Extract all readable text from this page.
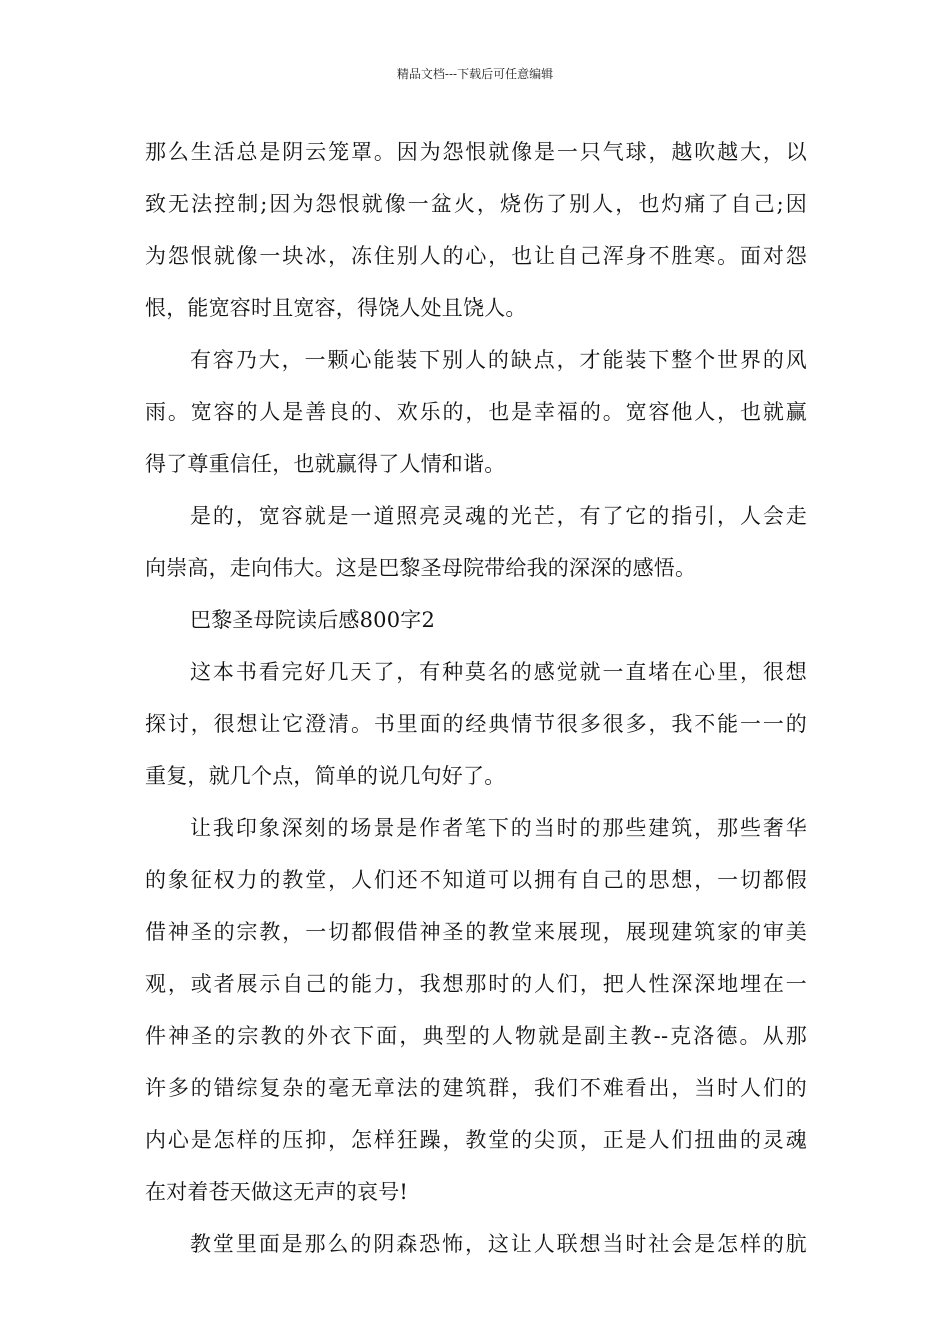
精品文档---下载后可任意编辑
那么生活总是阴云笼罩。因为怨恨就像是一只气球，越吹越大，以
致无法控制;因为怨恨就像一盆火，烧伤了别人，也灼痛了自己;因
为怨恨就像一块冰，冻住别人的心，也让自己浑身不胜寒。面对怨
恨，能宽容时且宽容，得饶人处且饶人。
有容乃大，一颗心能装下别人的缺点，才能装下整个世界的风
雨。宽容的人是善良的、欢乐的，也是幸福的。宽容他人，也就赢
得了尊重信任，也就赢得了人情和谐。
是的，宽容就是一道照亮灵魂的光芒，有了它的指引，人会走
向崇高，走向伟大。这是巴黎圣母院带给我的深深的感悟。
巴黎圣母院读后感800字2
这本书看完好几天了，有种莫名的感觉就一直堵在心里，很想
探讨，很想让它澄清。书里面的经典情节很多很多，我不能一一的
重复，就几个点，简单的说几句好了。
让我印象深刻的场景是作者笔下的当时的那些建筑，那些奢华
的象征权力的教堂，人们还不知道可以拥有自己的思想，一切都假
借神圣的宗教，一切都假借神圣的教堂来展现，展现建筑家的审美
观，或者展示自己的能力，我想那时的人们，把人性深深地埋在一
件神圣的宗教的外衣下面，典型的人物就是副主教--克洛德。从那
许多的错综复杂的毫无章法的建筑群，我们不难看出，当时人们的
内心是怎样的压抑，怎样狂躁，教堂的尖顶，正是人们扭曲的灵魂
在对着苍天做这无声的哀号!
教堂里面是那么的阴森恐怖，这让人联想当时社会是怎样的肮
